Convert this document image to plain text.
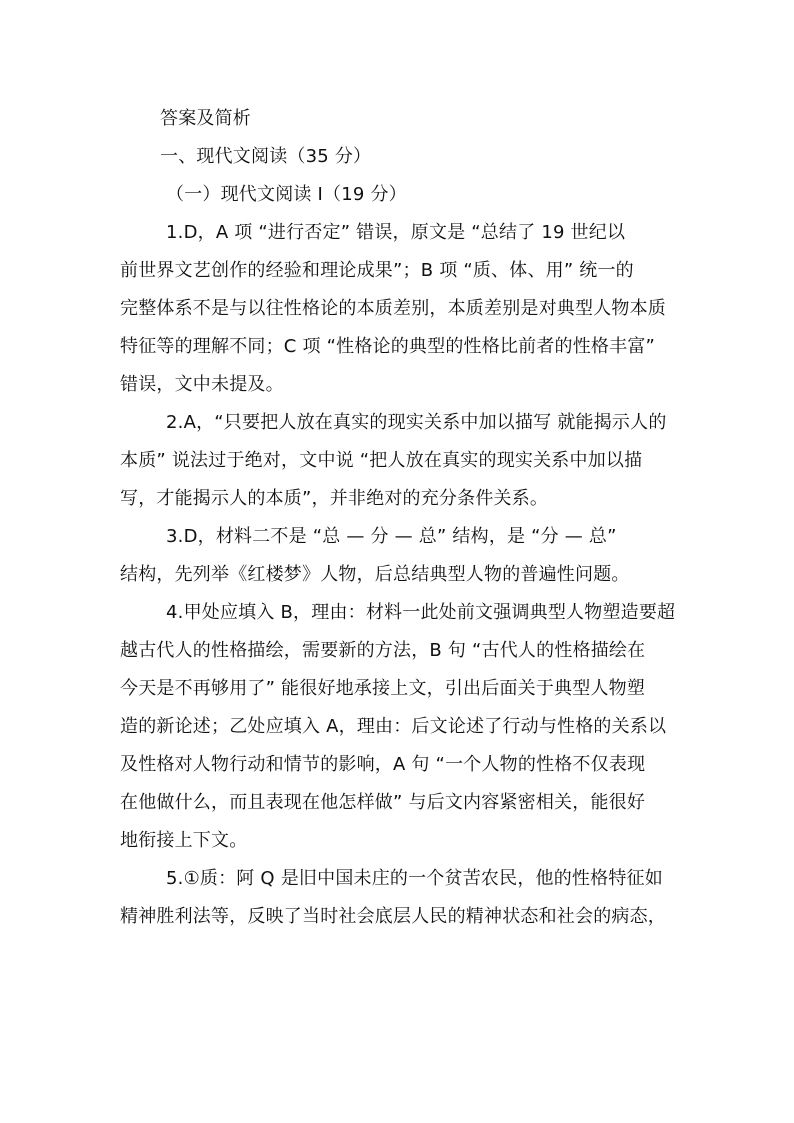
答案及简析
一、现代文阅读（35 分）
（一）现代文阅读 I（19 分）
1.D，A 项 “进行否定” 错误，原文是 “总结了 19 世纪以
前世界文艺创作的经验和理论成果”；B 项 “质、体、用” 统一的
完整体系不是与以往性格论的本质差别，本质差别是对典型人物本质
特征等的理解不同；C 项 “性格论的典型的性格比前者的性格丰富”
错误，文中未提及。
2.A，“只要把人放在真实的现实关系中加以描写 就能揭示人的
本质” 说法过于绝对，文中说 “把人放在真实的现实关系中加以描
写，才能揭示人的本质”，并非绝对的充分条件关系。
3.D，材料二不是 “总 — 分 — 总” 结构，是 “分 — 总”
结构，先列举《红楼梦》人物，后总结典型人物的普遍性问题。
4.甲处应填入 B，理由：材料一此处前文强调典型人物塑造要超
越古代人的性格描绘，需要新的方法，B 句 “古代人的性格描绘在
今天是不再够用了” 能很好地承接上文，引出后面关于典型人物塑
造的新论述；乙处应填入 A，理由：后文论述了行动与性格的关系以
及性格对人物行动和情节的影响，A 句 “一个人物的性格不仅表现
在他做什么，而且表现在他怎样做” 与后文内容紧密相关，能很好
地衔接上下文。
5.①质：阿 Q 是旧中国未庄的一个贫苦农民，他的性格特征如
精神胜利法等，反映了当时社会底层人民的精神状态和社会的病态，
